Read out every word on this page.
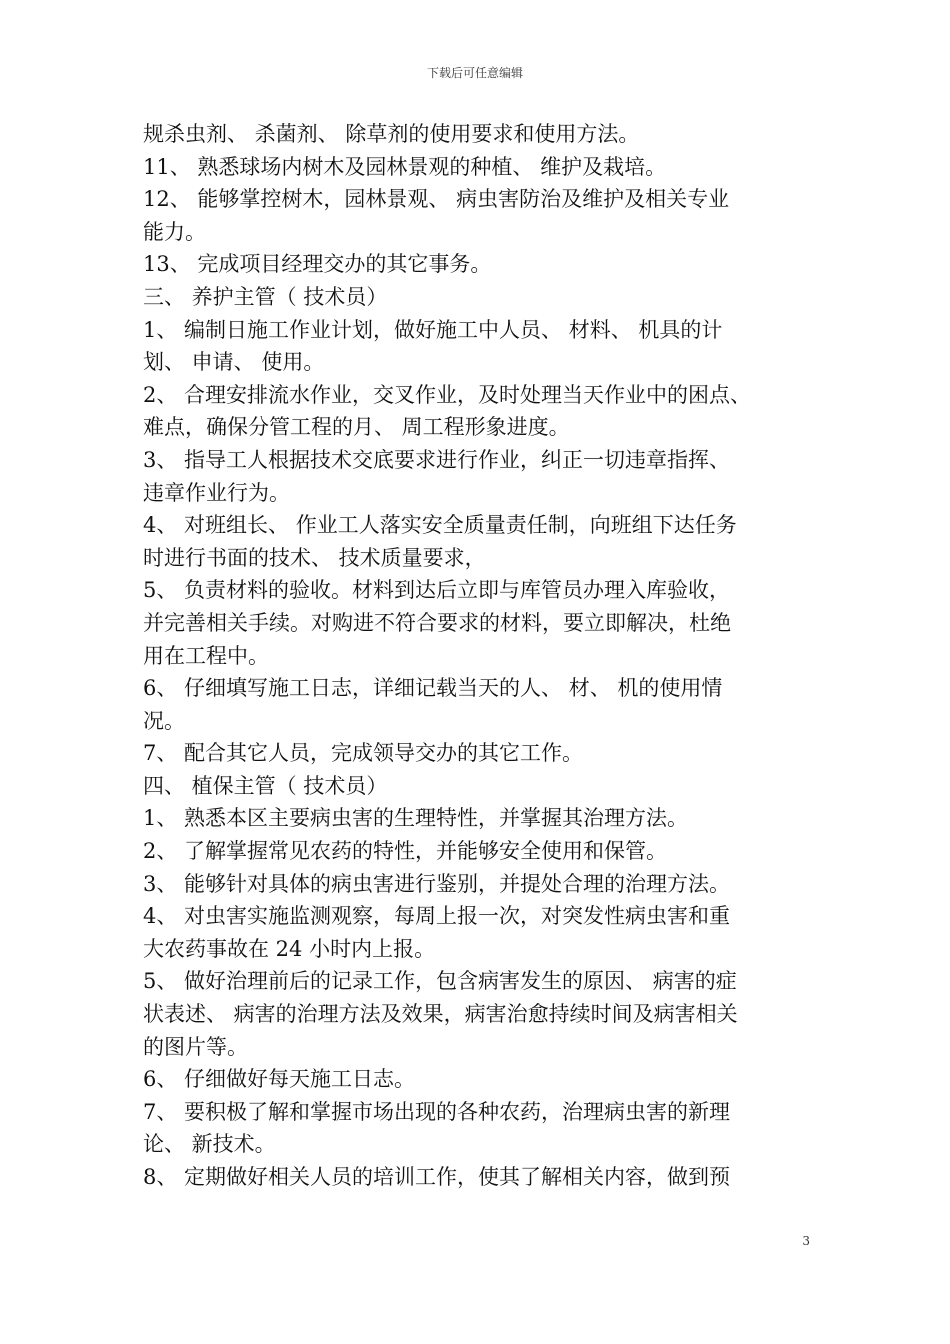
下载后可任意编辑
规杀虫剂、 杀菌剂、 除草剂的使用要求和使用方法。
11、 熟悉球场内树木及园林景观的种植、 维护及栽培。
12、 能够掌控树木，园林景观、 病虫害防治及维护及相关专业
能力。
13、 完成项目经理交办的其它事务。
三、 养护主管（ 技术员）
1、 编制日施工作业计划，做好施工中人员、 材料、 机具的计
划、 申请、 使用。
2、 合理安排流水作业，交叉作业，及时处理当天作业中的困点、
难点，确保分管工程的月、 周工程形象进度。
3、 指导工人根据技术交底要求进行作业，纠正一切违章指挥、
违章作业行为。
4、 对班组长、 作业工人落实安全质量责任制，向班组下达任务
时进行书面的技术、 技术质量要求，
5、 负责材料的验收。材料到达后立即与库管员办理入库验收，
并完善相关手续。对购进不符合要求的材料，要立即解决，杜绝
用在工程中。
6、 仔细填写施工日志，详细记载当天的人、 材、 机的使用情
况。
7、 配合其它人员，完成领导交办的其它工作。
四、 植保主管（ 技术员）
1、 熟悉本区主要病虫害的生理特性，并掌握其治理方法。
2、 了解掌握常见农药的特性，并能够安全使用和保管。
3、 能够针对具体的病虫害进行鉴别，并提处合理的治理方法。
4、 对虫害实施监测观察，每周上报一次，对突发性病虫害和重
大农药事故在 24 小时内上报。
5、 做好治理前后的记录工作，包含病害发生的原因、 病害的症
状表述、 病害的治理方法及效果，病害治愈持续时间及病害相关
的图片等。
6、 仔细做好每天施工日志。
7、 要积极了解和掌握市场出现的各种农药，治理病虫害的新理
论、 新技术。
8、 定期做好相关人员的培训工作，使其了解相关内容，做到预
3
